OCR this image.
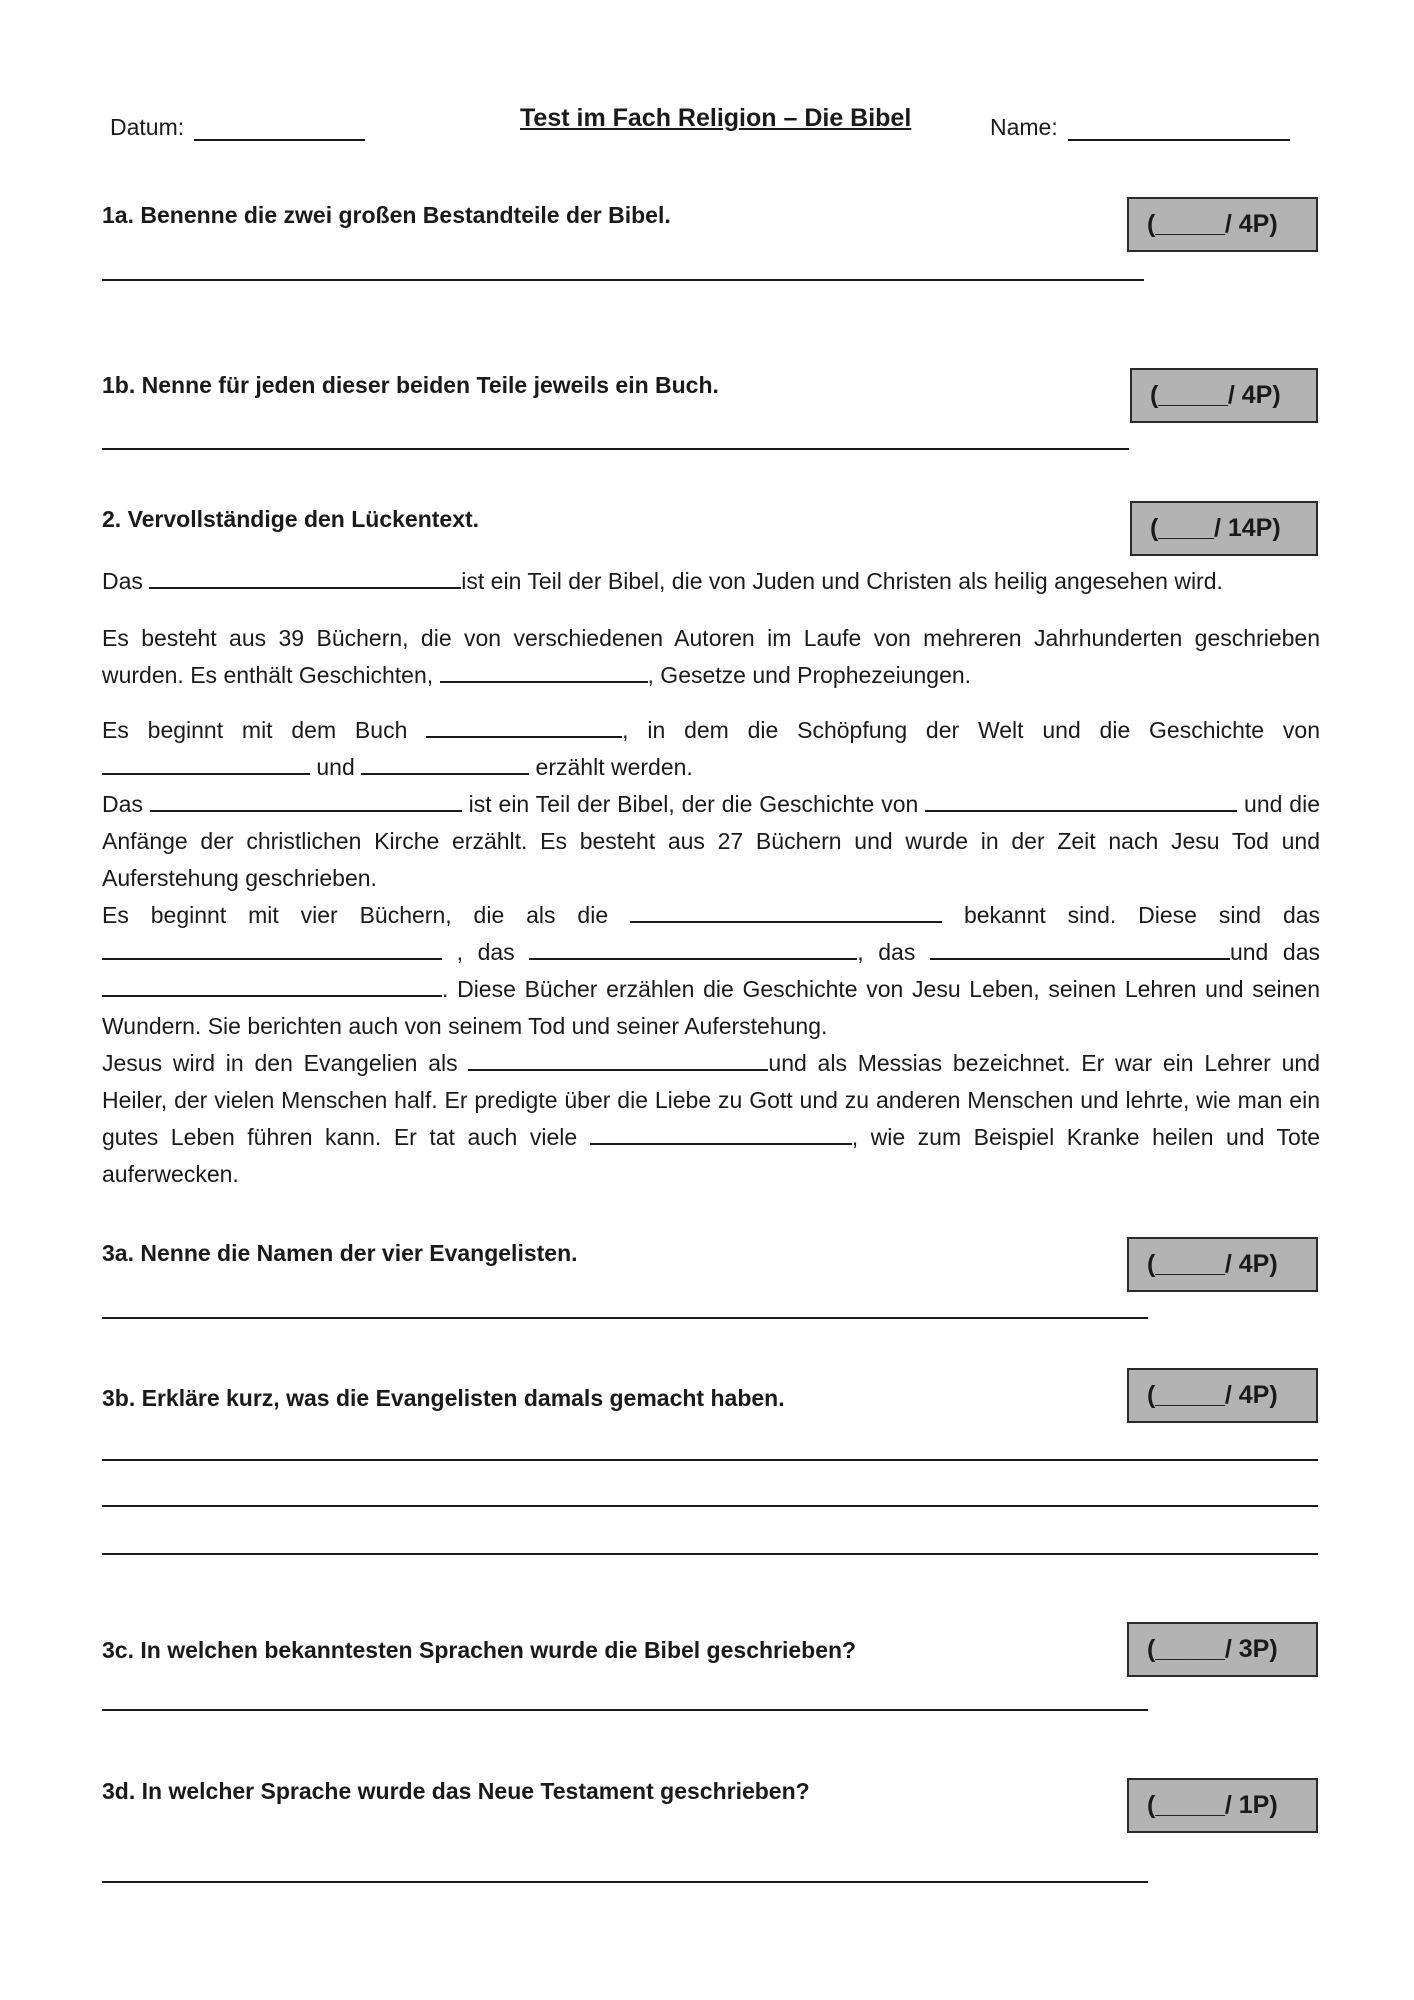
Datum:	Test im Fach Religion – Die Bibel	Name:
1a. Benenne die zwei großen Bestandteile der Bibel.	(_____/ 4P)
1b. Nenne für jeden dieser beiden Teile jeweils ein Buch.	(_____/ 4P)
2. Vervollständige den Lückentext.	(____/ 14P)

Das	ist ein Teil der Bibel, die von Juden und Christen als heilig angesehen wird.

Es besteht aus 39 Büchern, die von verschiedenen Autoren im Laufe von mehreren Jahrhunderten geschrieben wurden. Es enthält Geschichten,	, Gesetze und Prophezeiungen.

Es beginnt mit dem Buch	, in dem die Schöpfung der Welt und die Geschichte von  und	erzählt werden.

Das	ist ein Teil der Bibel, der die Geschichte von	und die Anfänge der christlichen Kirche erzählt. Es besteht aus 27 Büchern und wurde in der Zeit nach Jesu Tod und Auferstehung geschrieben.

Es beginnt mit vier Büchern, die als die	bekannt sind. Diese sind das  , das	, das	und das . Diese Bücher erzählen die Geschichte von Jesu Leben, seinen Lehren und seinen Wundern. Sie berichten auch von seinem Tod und seiner Auferstehung.

Jesus wird in den Evangelien als	und als Messias bezeichnet. Er war ein Lehrer und Heiler, der vielen Menschen half. Er predigte über die Liebe zu Gott und zu anderen Menschen und lehrte, wie man ein gutes Leben führen kann. Er tat auch viele	, wie zum Beispiel Kranke heilen und Tote auferwecken.

3a. Nenne die Namen der vier Evangelisten.	(_____/ 4P)
3b. Erkläre kurz, was die Evangelisten damals gemacht haben.	(_____/ 4P)
3c. In welchen bekanntesten Sprachen wurde die Bibel geschrieben?	(_____/ 3P)
3d. In welcher Sprache wurde das Neue Testament geschrieben?	(_____/ 1P)
